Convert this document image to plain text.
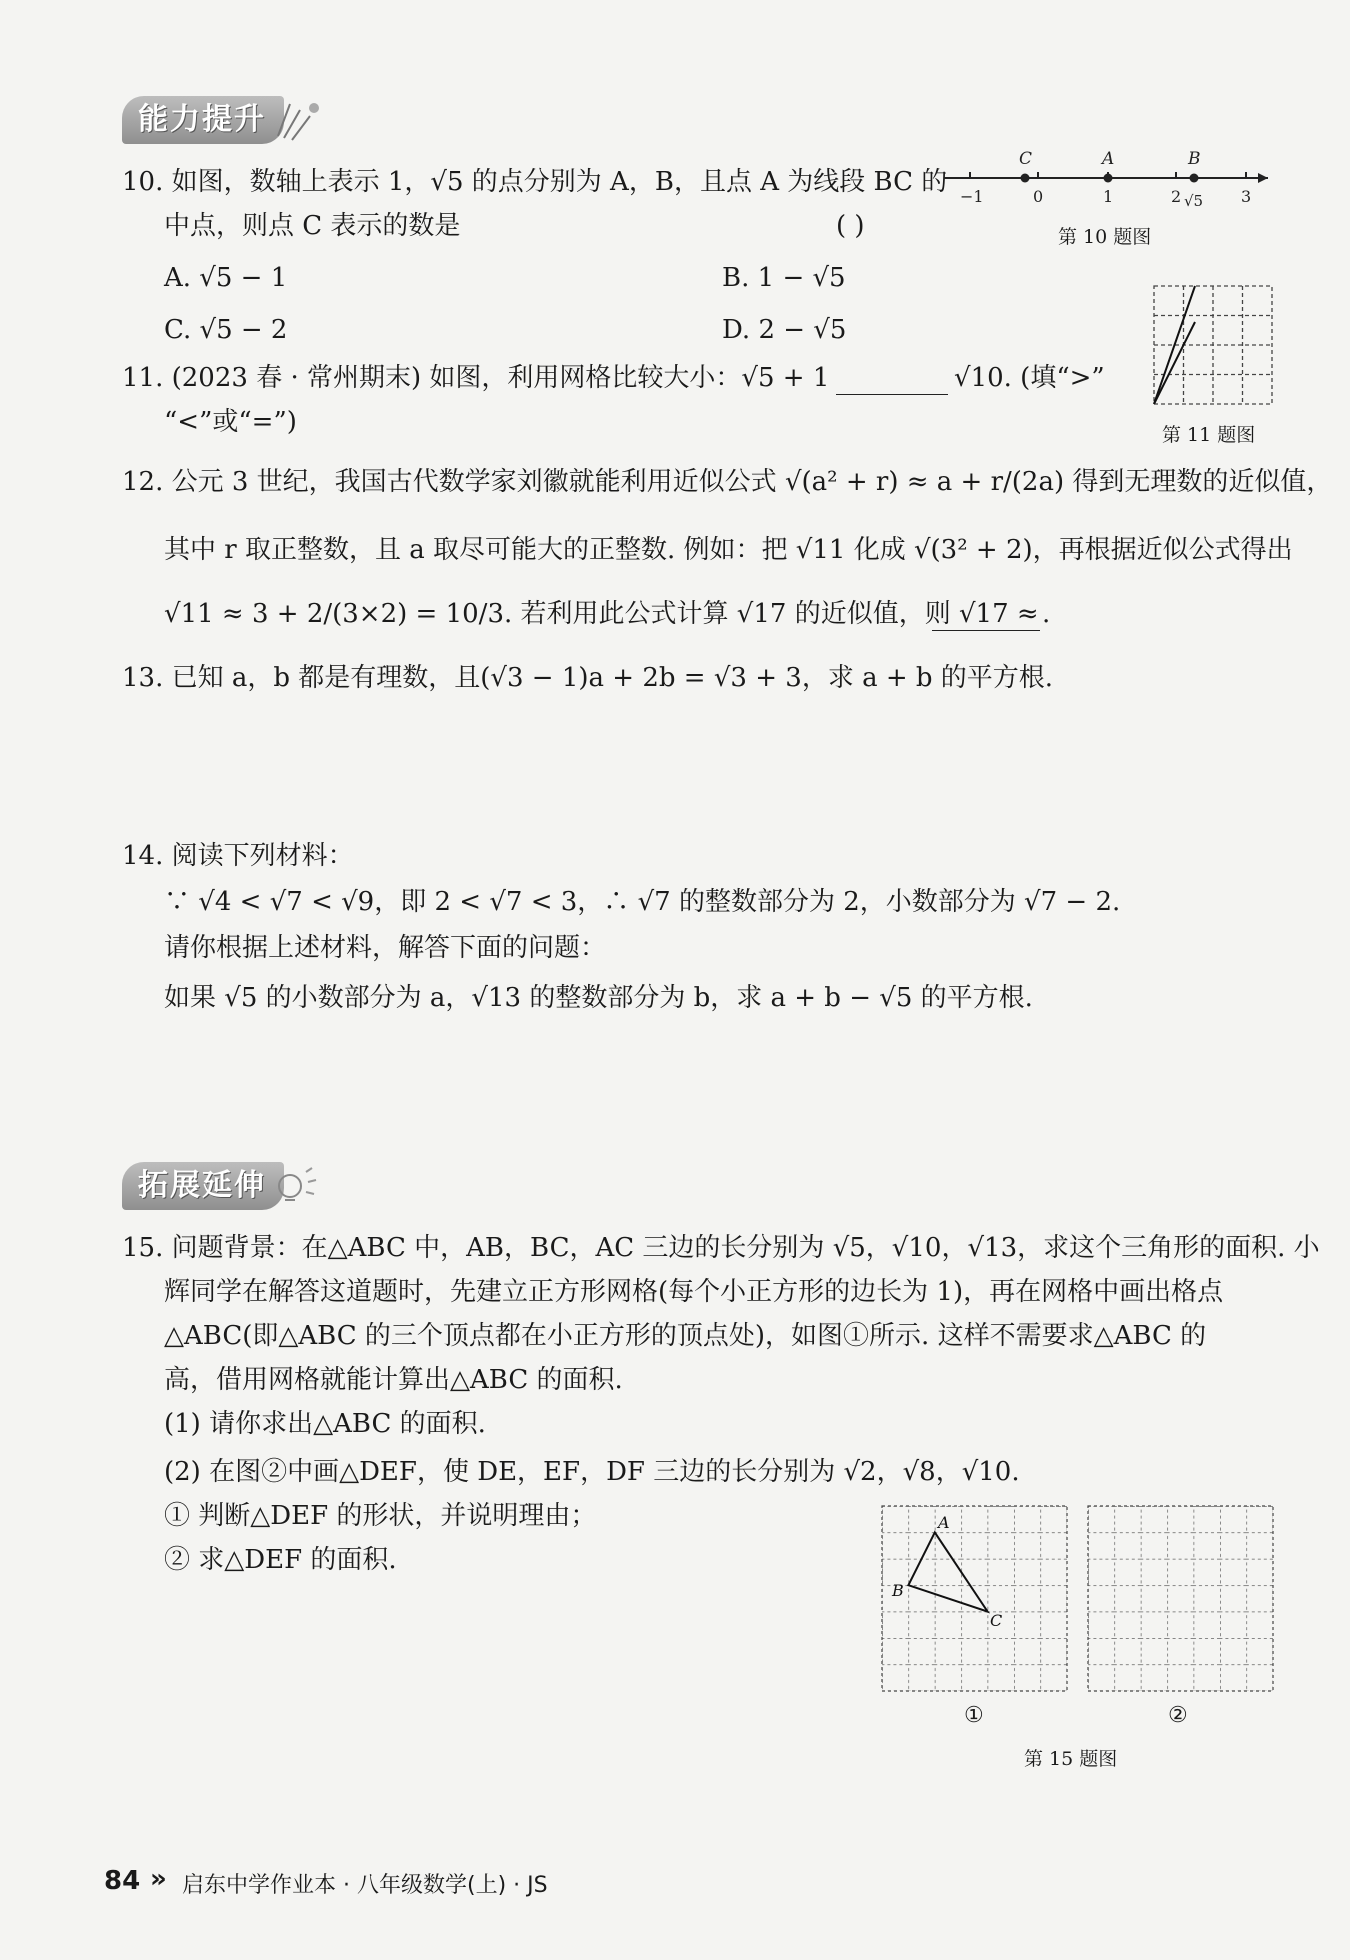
能力提升
10. 如图，数轴上表示 1，√5 的点分别为 A，B，且点 A 为线段 BC 的
中点，则点 C 表示的数是	( )
A. √5 − 1	B. 1 − √5
C. √5 − 2	D. 2 − √5
C	A	B
−1	0	1	2 √5 3
第 10 题图
11. (2023 春 · 常州期末) 如图，利用网格比较大小：√5 + 1	√10. (填“>”
“<”或“=”)	第 11 题图
12. 公元 3 世纪，我国古代数学家刘徽就能利用近似公式 √(a² + r) ≈ a + r/(2a) 得到无理数的近似值，
其中 r 取正整数，且 a 取尽可能大的正整数. 例如：把 √11 化成 √(3² + 2)，再根据近似公式得出
√11 ≈ 3 + 2/(3×2) = 10/3. 若利用此公式计算 √17 的近似值，则 √17 ≈ .
13. 已知 a，b 都是有理数，且(√3 − 1)a + 2b = √3 + 3，求 a + b 的平方根.
14. 阅读下列材料：
∵ √4 < √7 < √9，即 2 < √7 < 3，∴ √7 的整数部分为 2，小数部分为 √7 − 2.
请你根据上述材料，解答下面的问题：
如果 √5 的小数部分为 a，√13 的整数部分为 b，求 a + b − √5 的平方根.
拓展延伸
15. 问题背景：在△ABC 中，AB，BC，AC 三边的长分别为 √5，√10，√13，求这个三角形的面积. 小
辉同学在解答这道题时，先建立正方形网格(每个小正方形的边长为 1)，再在网格中画出格点
△ABC(即△ABC 的三个顶点都在小正方形的顶点处)，如图①所示. 这样不需要求△ABC 的
高，借用网格就能计算出△ABC 的面积.
(1) 请你求出△ABC 的面积.
(2) 在图②中画△DEF，使 DE，EF，DF 三边的长分别为 √2，√8，√10.
① 判断△DEF 的形状，并说明理由；
② 求△DEF 的面积.
A
B
C
①	②
第 15 题图
84 » 启东中学作业本 · 八年级数学(上) · JS
